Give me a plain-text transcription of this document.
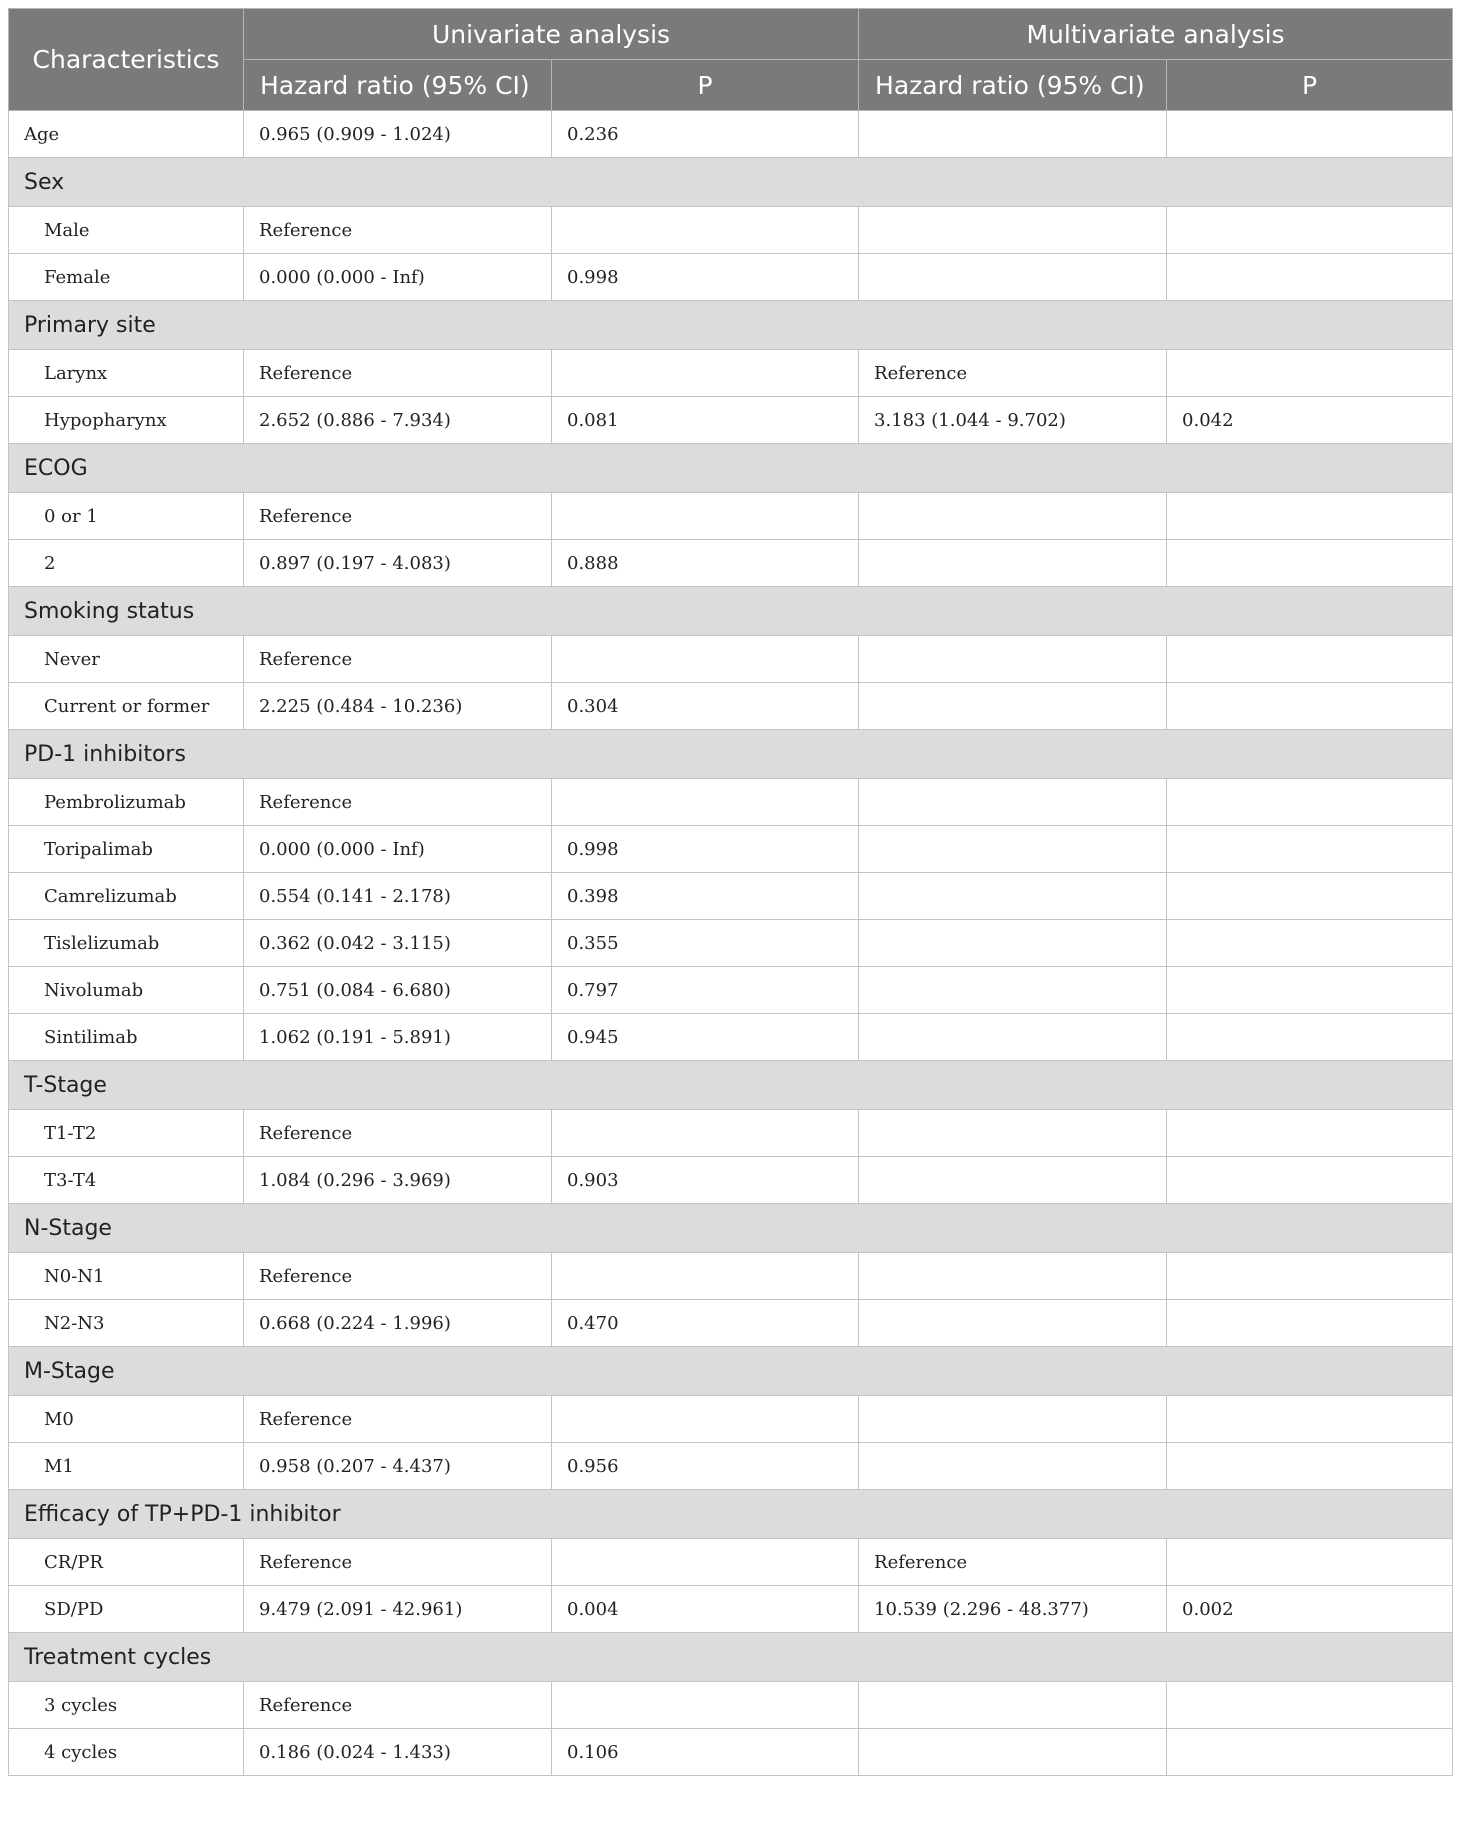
Characteristics	Univariate analysis		Multivariate analysis	
	Hazard ratio (95% CI)	P	Hazard ratio (95% CI)	P
Age	0.965 (0.909 - 1.024)	0.236		
Sex				
Male	Reference			
Female	0.000 (0.000 - Inf)	0.998		
Primary site				
Larynx	Reference		Reference	
Hypopharynx	2.652 (0.886 - 7.934)	0.081	3.183 (1.044 - 9.702)	0.042
ECOG				
0 or 1	Reference			
2	0.897 (0.197 - 4.083)	0.888		
Smoking status				
Never	Reference			
Current or former	2.225 (0.484 - 10.236)	0.304		
PD-1 inhibitors				
Pembrolizumab	Reference			
Toripalimab	0.000 (0.000 - Inf)	0.998		
Camrelizumab	0.554 (0.141 - 2.178)	0.398		
Tislelizumab	0.362 (0.042 - 3.115)	0.355		
Nivolumab	0.751 (0.084 - 6.680)	0.797		
Sintilimab	1.062 (0.191 - 5.891)	0.945		
T-Stage				
T1-T2	Reference			
T3-T4	1.084 (0.296 - 3.969)	0.903		
N-Stage				
N0-N1	Reference			
N2-N3	0.668 (0.224 - 1.996)	0.470		
M-Stage				
M0	Reference			
M1	0.958 (0.207 - 4.437)	0.956		
Efficacy of TP+PD-1 inhibitor				
CR/PR	Reference		Reference	
SD/PD	9.479 (2.091 - 42.961)	0.004	10.539 (2.296 - 48.377)	0.002
Treatment cycles				
3 cycles	Reference			
4 cycles	0.186 (0.024 - 1.433)	0.106		
